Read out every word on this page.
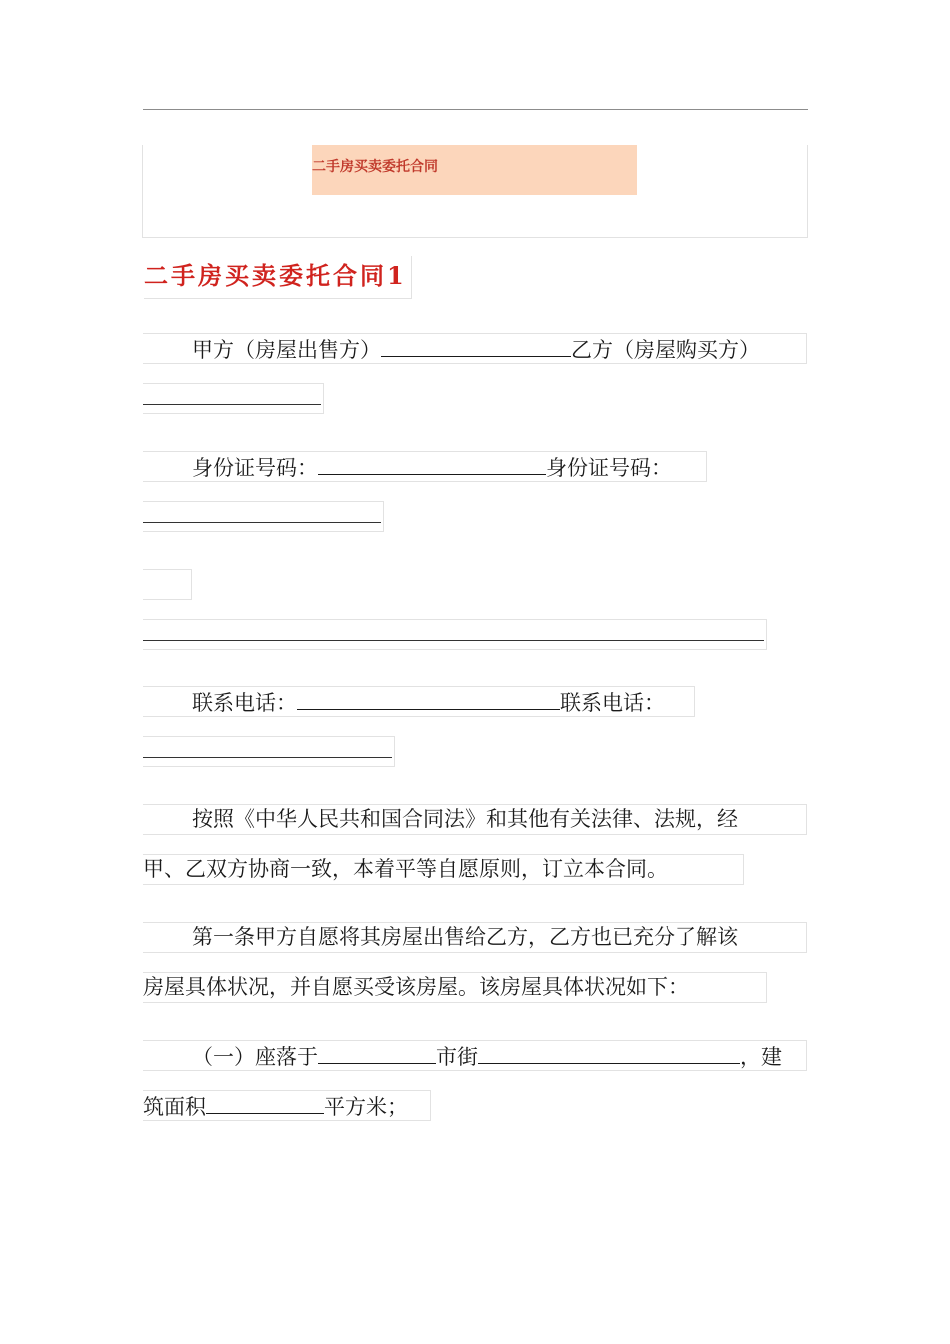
二手房买卖委托合同
二手房买卖委托合同1
甲方（房屋出售方）	乙方（房屋购买方）
身份证号码：	身份证号码：
联系电话：	联系电话：
按照《中华人民共和国合同法》和其他有关法律、法规，经
甲、乙双方协商一致，本着平等自愿原则，订立本合同。
第一条甲方自愿将其房屋出售给乙方，乙方也已充分了解该
房屋具体状况，并自愿买受该房屋。该房屋具体状况如下：
（一）座落于	市街	，建
筑面积	平方米；
